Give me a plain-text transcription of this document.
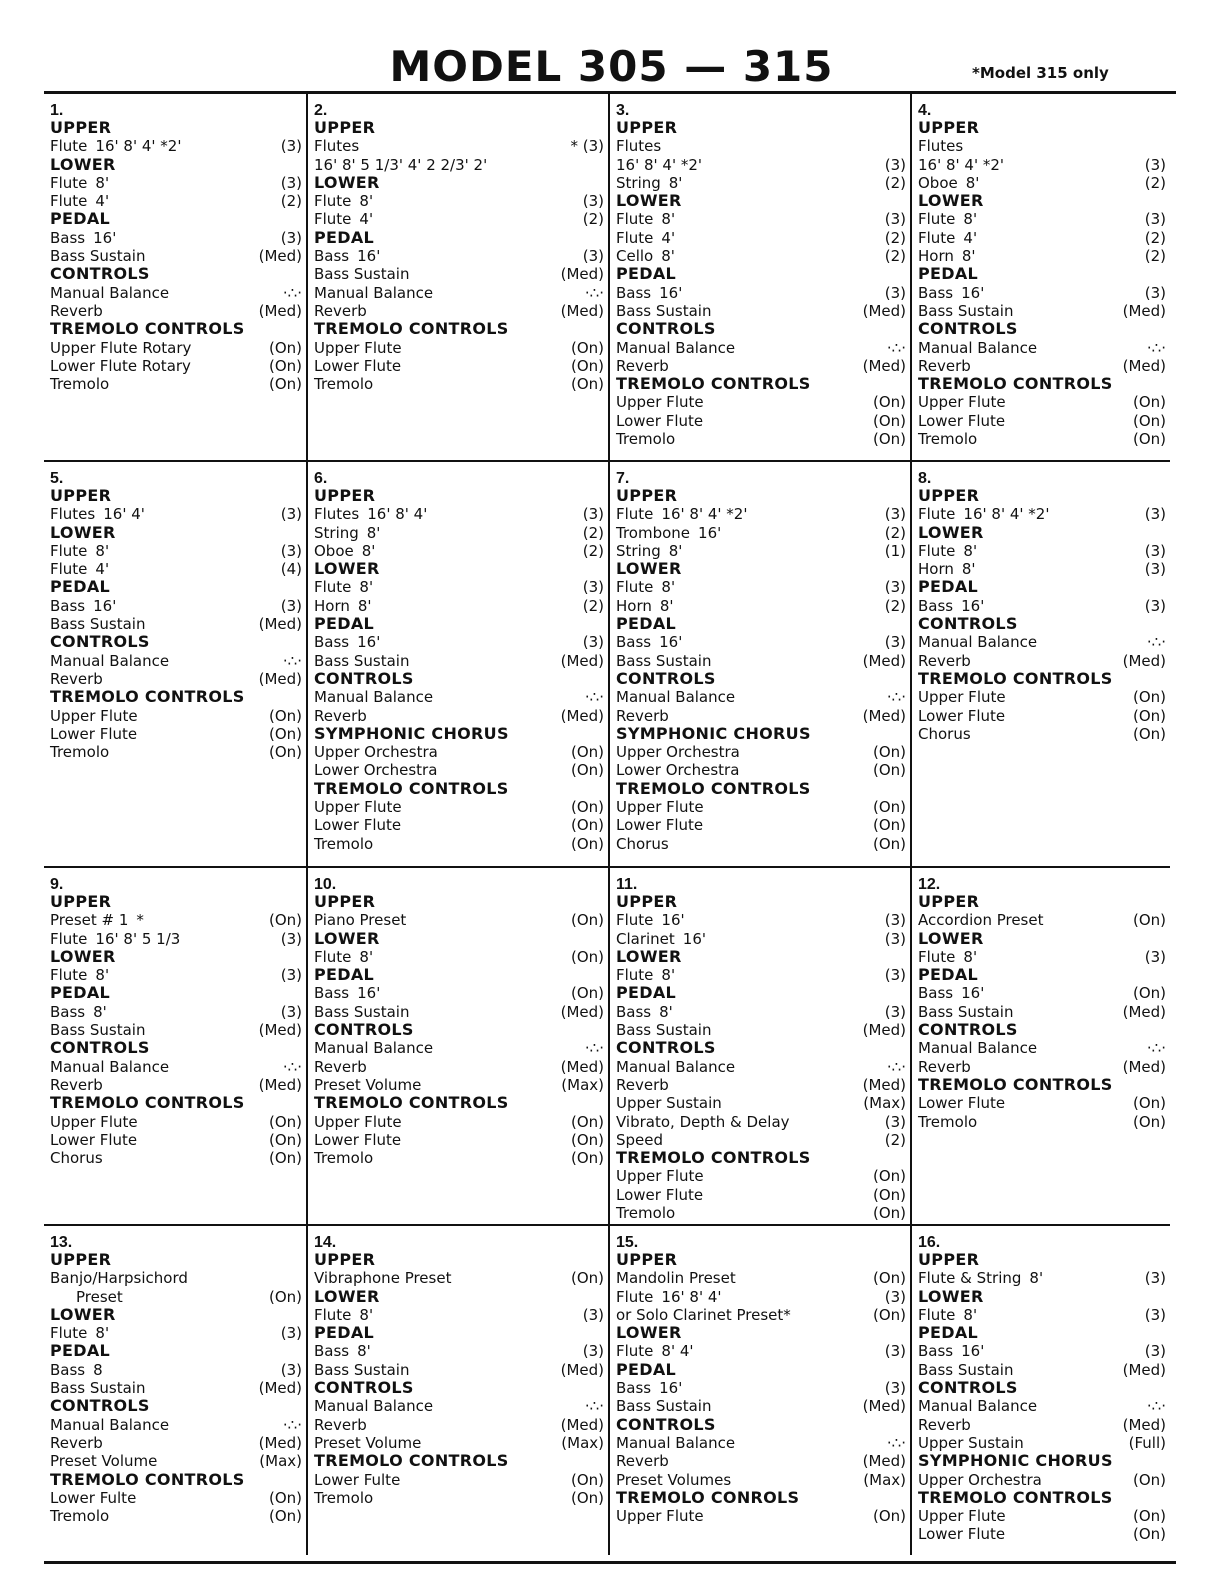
MODEL 305 — 315	*Model 315 only
1.
UPPER
Flute 16' 8' 4' *2'	(3)
LOWER
Flute 8'	(3)
Flute 4'	(2)
PEDAL
Bass 16'	(3)
Bass Sustain	(Med)
CONTROLS
Manual Balance	·∴·
Reverb	(Med)
TREMOLO CONTROLS
Upper Flute Rotary	(On)
Lower Flute Rotary	(On)
Tremolo	(On)
2.
UPPER
Flutes	* (3)
16' 8' 5 1/3' 4' 2 2/3' 2'
LOWER
Flute 8'	(3)
Flute 4'	(2)
PEDAL
Bass 16'	(3)
Bass Sustain	(Med)
Manual Balance	·∴·
Reverb	(Med)
TREMOLO CONTROLS
Upper Flute	(On)
Lower Flute	(On)
Tremolo	(On)
3.
UPPER
Flutes
16' 8' 4' *2'	(3)
String 8'	(2)
LOWER
Flute 8'	(3)
Flute 4'	(2)
Cello 8'	(2)
PEDAL
Bass 16'	(3)
Bass Sustain	(Med)
CONTROLS
Manual Balance	·∴·
Reverb	(Med)
TREMOLO CONTROLS
Upper Flute	(On)
Lower Flute	(On)
Tremolo	(On)
4.
UPPER
Flutes
16' 8' 4' *2'	(3)
Oboe 8'	(2)
LOWER
Flute 8'	(3)
Flute 4'	(2)
Horn 8'	(2)
PEDAL
Bass 16'	(3)
Bass Sustain	(Med)
CONTROLS
Manual Balance	·∴·
Reverb	(Med)
TREMOLO CONTROLS
Upper Flute	(On)
Lower Flute	(On)
Tremolo	(On)
5.
UPPER
Flutes 16' 4'	(3)
LOWER
Flute 8'	(3)
Flute 4'	(4)
PEDAL
Bass 16'	(3)
Bass Sustain	(Med)
CONTROLS
Manual Balance	·∴·
Reverb	(Med)
TREMOLO CONTROLS
Upper Flute	(On)
Lower Flute	(On)
Tremolo	(On)
6.
UPPER
Flutes 16' 8' 4'	(3)
String 8'	(2)
Oboe 8'	(2)
LOWER
Flute 8'	(3)
Horn 8'	(2)
PEDAL
Bass 16'	(3)
Bass Sustain	(Med)
CONTROLS
Manual Balance	·∴·
Reverb	(Med)
SYMPHONIC CHORUS
Upper Orchestra	(On)
Lower Orchestra	(On)
TREMOLO CONTROLS
Upper Flute	(On)
Lower Flute	(On)
Tremolo	(On)
7.
UPPER
Flute 16' 8' 4' *2'	(3)
Trombone 16'	(2)
String 8'	(1)
LOWER
Flute 8'	(3)
Horn 8'	(2)
PEDAL
Bass 16'	(3)
Bass Sustain	(Med)
CONTROLS
Manual Balance	·∴·
Reverb	(Med)
SYMPHONIC CHORUS
Upper Orchestra	(On)
Lower Orchestra	(On)
TREMOLO CONTROLS
Upper Flute	(On)
Lower Flute	(On)
Chorus	(On)
8.
UPPER
Flute 16' 8' 4' *2'	(3)
LOWER
Flute 8'	(3)
Horn 8'	(3)
PEDAL
Bass 16'	(3)
CONTROLS
Manual Balance	·∴·
Reverb	(Med)
TREMOLO CONTROLS
Upper Flute	(On)
Lower Flute	(On)
Chorus	(On)
9.
UPPER
Preset # 1 *	(On)
Flute 16' 8' 5 1/3	(3)
LOWER
Flute 8'	(3)
PEDAL
Bass 8'	(3)
Bass Sustain	(Med)
CONTROLS
Manual Balance	·∴·
Reverb	(Med)
TREMOLO CONTROLS
Upper Flute	(On)
Lower Flute	(On)
Chorus	(On)
10.
UPPER
Piano Preset	(On)
LOWER
Flute 8'	(On)
PEDAL
Bass 16'	(On)
Bass Sustain	(Med)
CONTROLS
Manual Balance	·∴·
Reverb	(Med)
Preset Volume	(Max)
TREMOLO CONTROLS
Upper Flute	(On)
Lower Flute	(On)
Tremolo	(On)
11.
UPPER
Flute 16'	(3)
Clarinet 16'	(3)
LOWER
Flute 8'	(3)
PEDAL
Bass 8'	(3)
Bass Sustain	(Med)
CONTROLS
Manual Balance	·∴·
Reverb	(Med)
Upper Sustain	(Max)
Vibrato, Depth & Delay	(3)
Speed	(2)
TREMOLO CONTROLS
Upper Flute	(On)
Lower Flute	(On)
Tremolo	(On)
12.
UPPER
Accordion Preset	(On)
LOWER
Flute 8'	(3)
PEDAL
Bass 16'	(On)
Bass Sustain	(Med)
CONTROLS
Manual Balance	·∴·
Reverb	(Med)
TREMOLO CONTROLS
Lower Flute	(On)
Tremolo	(On)
13.
UPPER
Banjo/Harpsichord
Preset	(On)
LOWER
Flute 8'	(3)
PEDAL
Bass 8	(3)
Bass Sustain	(Med)
CONTROLS
Manual Balance	·∴·
Reverb	(Med)
Preset Volume	(Max)
TREMOLO CONTROLS
Lower Fulte	(On)
Tremolo	(On)
14.
UPPER
Vibraphone Preset	(On)
LOWER
Flute 8'	(3)
PEDAL
Bass 8'	(3)
Bass Sustain	(Med)
CONTROLS
Manual Balance	·∴·
Reverb	(Med)
Preset Volume	(Max)
TREMOLO CONTROLS
Lower Fulte	(On)
Tremolo	(On)
15.
UPPER
Mandolin Preset	(On)
Flute 16' 8' 4'	(3)
or Solo Clarinet Preset*	(On)
LOWER
Flute 8' 4'	(3)
PEDAL
Bass 16'	(3)
Bass Sustain	(Med)
CONTROLS
Manual Balance	·∴·
Reverb	(Med)
Preset Volumes	(Max)
TREMOLO CONROLS
Upper Flute	(On)
16.
UPPER
Flute & String 8'	(3)
LOWER
Flute 8'	(3)
PEDAL
Bass 16'	(3)
Bass Sustain	(Med)
CONTROLS
Manual Balance	·∴·
Reverb	(Med)
Upper Sustain	(Full)
SYMPHONIC CHORUS
Upper Orchestra	(On)
TREMOLO CONTROLS
Upper Flute	(On)
Lower Flute	(On)
